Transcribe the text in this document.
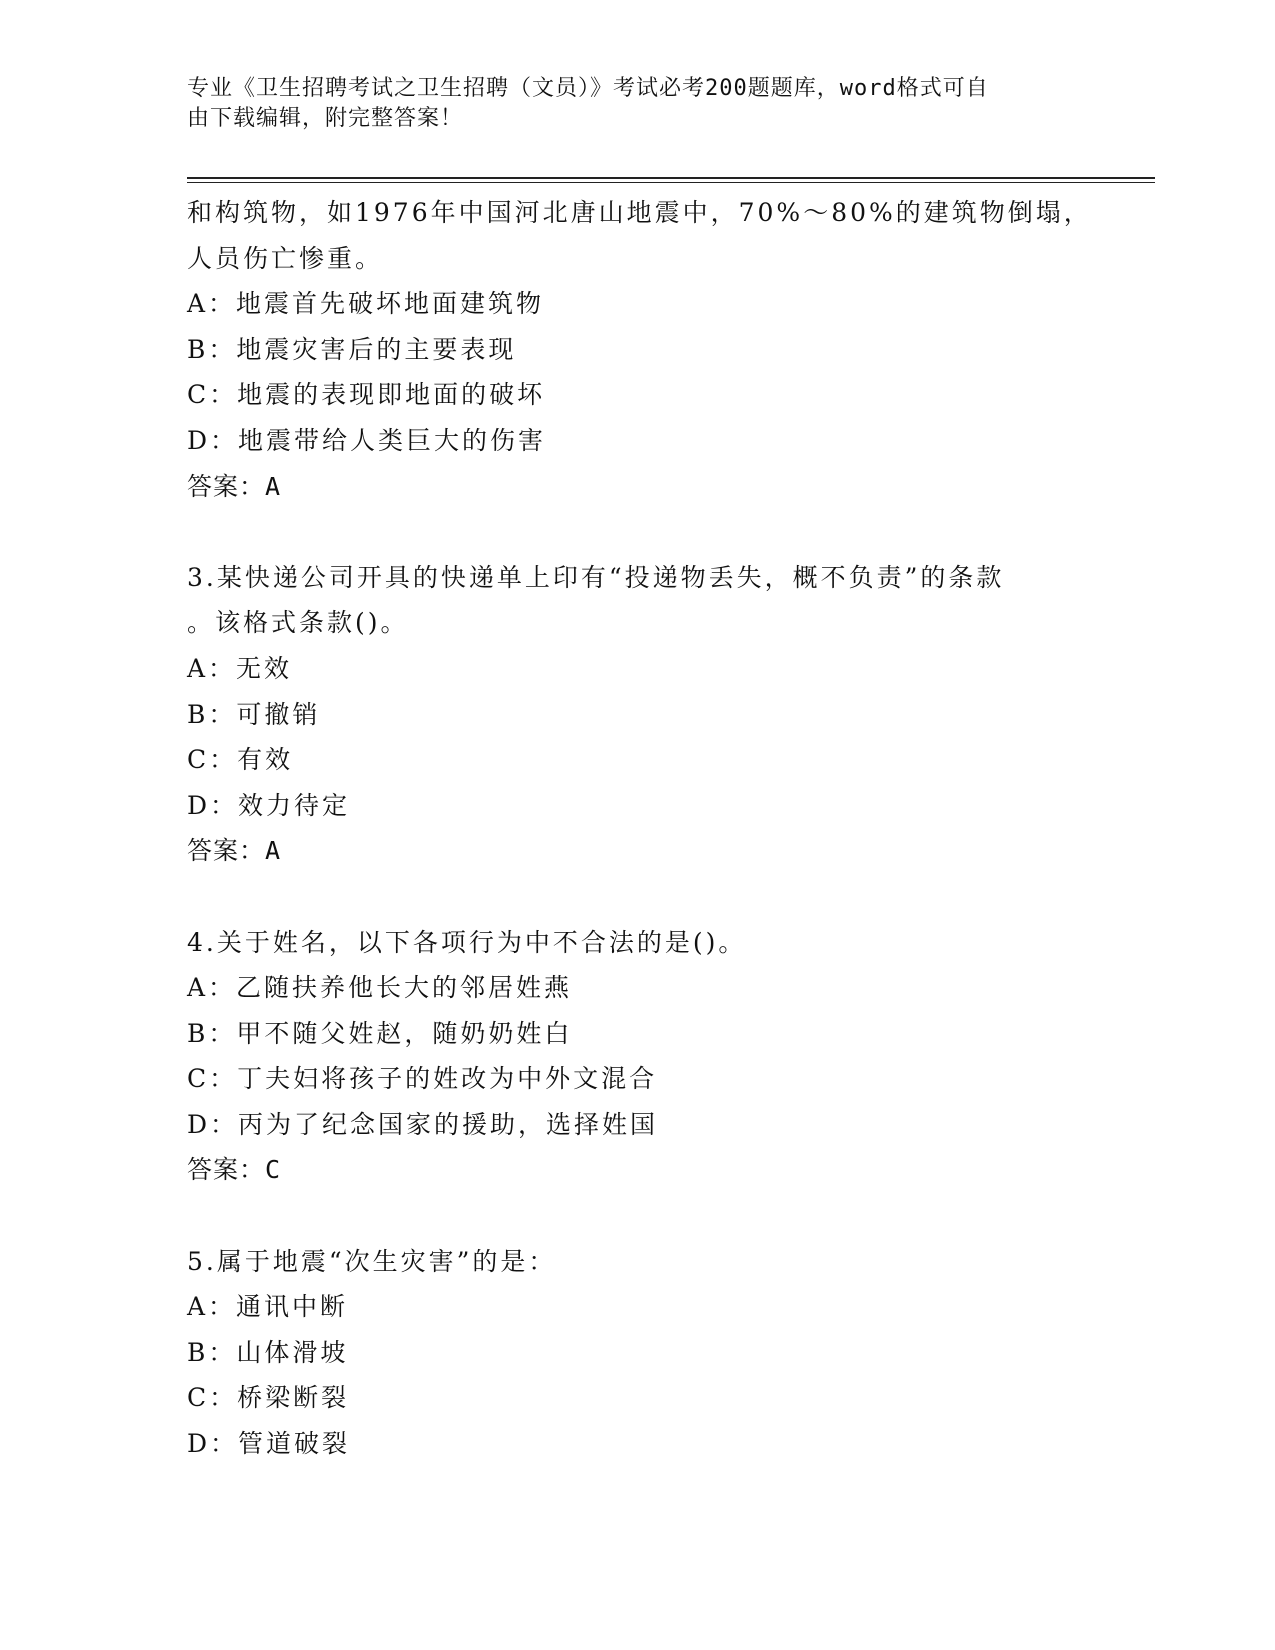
专业《卫生招聘考试之卫生招聘（文员）》考试必考200题题库，word格式可自
由下载编辑，附完整答案！
和构筑物，如1976年中国河北唐山地震中，70%～80%的建筑物倒塌，
人员伤亡惨重。
A：地震首先破坏地面建筑物
B：地震灾害后的主要表现
C：地震的表现即地面的破坏
D：地震带给人类巨大的伤害
答案：A
3.某快递公司开具的快递单上印有“投递物丢失，概不负责”的条款
。该格式条款()。
A：无效
B：可撤销
C：有效
D：效力待定
答案：A
4.关于姓名，以下各项行为中不合法的是()。
A：乙随扶养他长大的邻居姓燕
B：甲不随父姓赵，随奶奶姓白
C：丁夫妇将孩子的姓改为中外文混合
D：丙为了纪念国家的援助，选择姓国
答案：C
5.属于地震“次生灾害”的是：
A：通讯中断
B：山体滑坡
C：桥梁断裂
D：管道破裂
